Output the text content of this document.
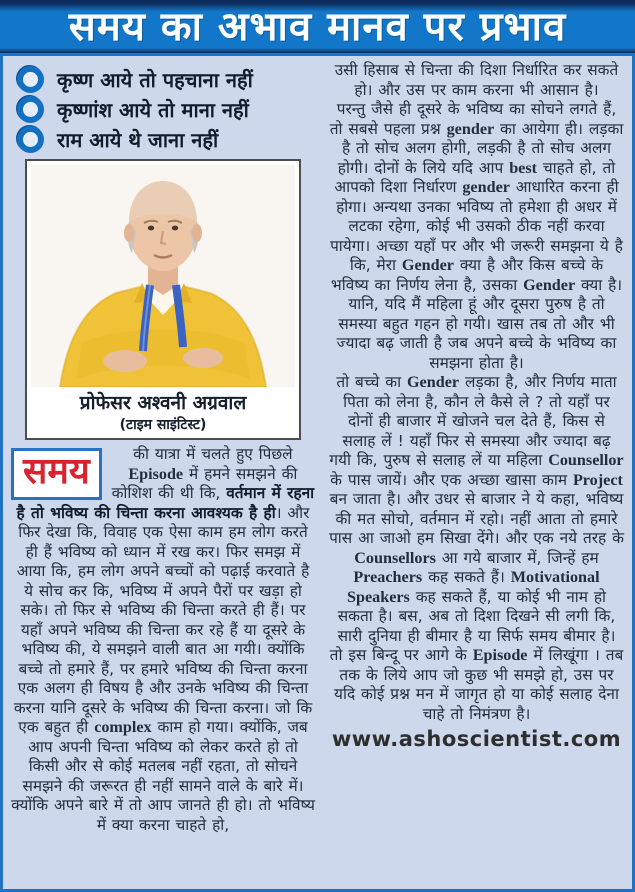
समय का अभाव मानव पर प्रभाव
कृष्ण आये तो पहचाना नहीं
कृष्णांश आये तो माना नहीं
राम आये थे जाना नहीं
प्रोफेसर अश्वनी अग्रवाल
(टाइम साइंटिस्ट)
समय	की यात्रा में चलते हुए पिछले Episode में हमने समझने की कोशिश की थी कि, वर्तमान में रहना है तो भविष्य की चिन्ता करना आवश्यक है ही। और फिर देखा कि, विवाह एक ऐसा काम हम लोग करते ही हैं भविष्य को ध्यान में रख कर। फिर समझ में आया कि, हम लोग अपने बच्चों को पढ़ाई करवाते है ये सोच कर कि, भविष्य में अपने पैरों पर खड़ा हो सके। तो फिर से भविष्य की चिन्ता करते ही हैं। पर यहाँ अपने भविष्य की चिन्ता कर रहे हैं या दूसरे के भविष्य की, ये समझने वाली बात आ गयी। क्योंकि बच्चे तो हमारे हैं, पर हमारे भविष्य की चिन्ता करना एक अलग ही विषय है और उनके भविष्य की चिन्ता करना यानि दूसरे के भविष्य की चिन्ता करना। जो कि एक बहुत ही complex काम हो गया। क्योंकि, जब आप अपनी चिन्ता भविष्य को लेकर करते हो तो किसी और से कोई मतलब नहीं रहता, तो सोचने समझने की जरूरत ही नहीं सामने वाले के बारे में। क्योंकि अपने बारे में तो आप जानते ही हो। तो भविष्य में क्या करना चाहते हो,

उसी हिसाब से चिन्ता की दिशा निर्धारित कर सकते हो। और उस पर काम करना भी आसान है।

परन्तु जैसे ही दूसरे के भविष्य का सोचने लगते हैं, तो सबसे पहला प्रश्न gender का आयेगा ही। लड़का है तो सोच अलग होगी, लड़की है तो सोच अलग होगी। दोनों के लिये यदि आप best चाहते हो, तो आपको दिशा निर्धारण gender आधारित करना ही होगा। अन्यथा उनका भविष्य तो हमेशा ही अधर में लटका रहेगा, कोई भी उसको ठीक नहीं करवा पायेगा। अच्छा यहाँ पर और भी जरूरी समझना ये है कि, मेरा Gender क्या है और किस बच्चे के भविष्य का निर्णय लेना है, उसका Gender क्या है। यानि, यदि मैं महिला हूं और दूसरा पुरुष है तो समस्या बहुत गहन हो गयी। खास तब तो और भी ज्यादा बढ़ जाती है जब अपने बच्चे के भविष्य का समझना होता है।

तो बच्चे का Gender लड़का है, और निर्णय माता पिता को लेना है, कौन ले कैसे ले ? तो यहाँ पर दोनों ही बाजार में खोजने चल देते हैं, किस से सलाह लें ! यहाँ फिर से समस्या और ज्यादा बढ़ गयी कि, पुरुष से सलाह लें या महिला Counsellor के पास जायें। और एक अच्छा खासा काम Project बन जाता है। और उधर से बाजार ने ये कहा, भविष्य की मत सोचो, वर्तमान में रहो। नहीं आता तो हमारे पास आ जाओ हम सिखा देंगे। और एक नये तरह के Counsellors आ गये बाजार में, जिन्हें हम Preachers कह सकते हैं। Motivational Speakers कह सकते हैं, या कोई भी नाम हो सकता है। बस, अब तो दिशा दिखने सी लगी कि, सारी दुनिया ही बीमार है या सिर्फ समय बीमार है।

तो इस बिन्दू पर आगे के Episode में लिखूंगा । तब तक के लिये आप जो कुछ भी समझे हो, उस पर यदि कोई प्रश्न मन में जागृत हो या कोई सलाह देना चाहे तो निमंत्रण है।

www.ashoscientist.com
